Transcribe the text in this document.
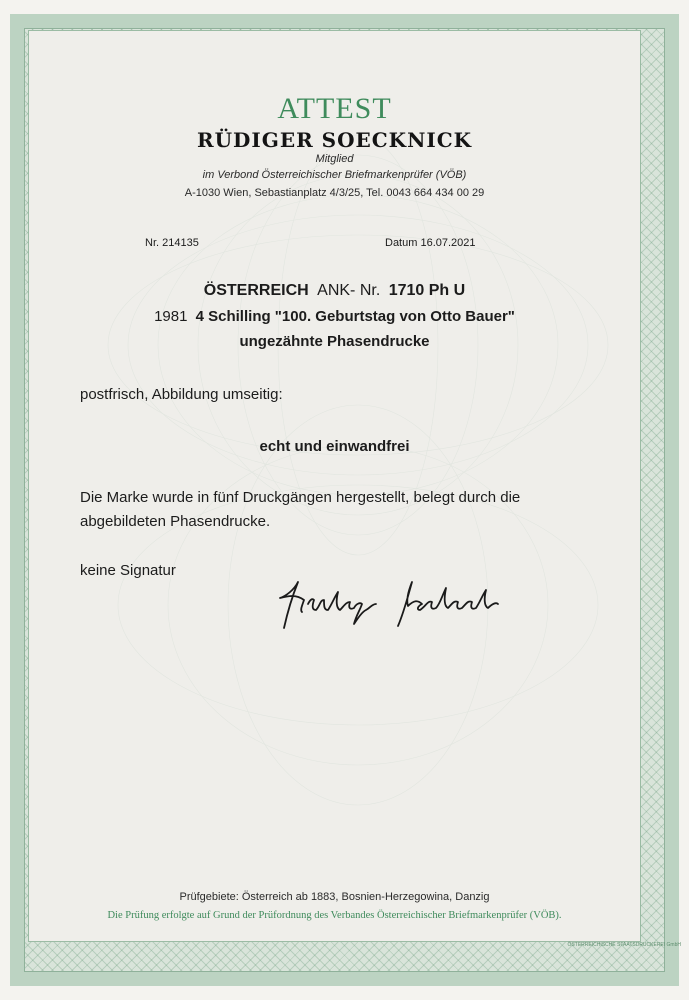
ATTEST
RÜDIGER SOECKNICK
Mitglied
im Verbond Österreichischer Briefmarkenprüfer (VÖB)
A-1030 Wien, Sebastianplatz 4/3/25, Tel. 0043 664 434 00 29
Nr. 214135	Datum 16.07.2021
ÖSTERREICH ANK- Nr. 1710 Ph U
1981 4 Schilling "100. Geburtstag von Otto Bauer"
ungezähnte Phasendrucke
postfrisch, Abbildung umseitig:
echt und einwandfrei
Die Marke wurde in fünf Druckgängen hergestellt, belegt durch die
abgebildeten Phasendrucke.
keine Signatur
Prüfgebiete: Österreich ab 1883, Bosnien-Herzegowina, Danzig
Die Prüfung erfolgte auf Grund der Prüfordnung des Verbandes Österreichischer Briefmarkenprüfer (VÖB).
ÖSTERREICHISCHE STAATSDRUCKEREI GmbH
